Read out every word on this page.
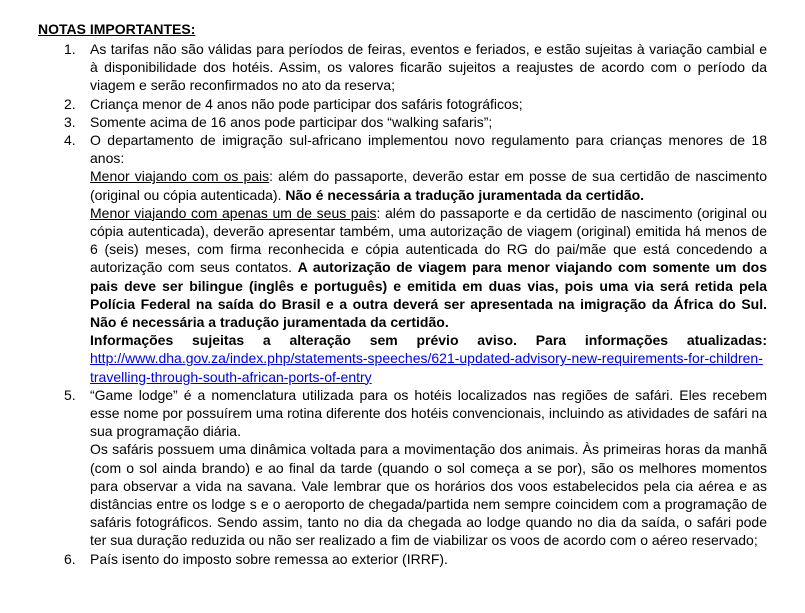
NOTAS IMPORTANTES:
1. As tarifas não são válidas para períodos de feiras, eventos e feriados, e estão sujeitas à variação cambial e à disponibilidade dos hotéis. Assim, os valores ficarão sujeitos a reajustes de acordo com o período da viagem e serão reconfirmados no ato da reserva;
2. Criança menor de 4 anos não pode participar dos safáris fotográficos;
3. Somente acima de 16 anos pode participar dos “walking safaris”;
4. O departamento de imigração sul-africano implementou novo regulamento para crianças menores de 18 anos:

Menor viajando com os pais: além do passaporte, deverão estar em posse de sua certidão de nascimento (original ou cópia autenticada). Não é necessária a tradução juramentada da certidão.

Menor viajando com apenas um de seus pais: além do passaporte e da certidão de nascimento (original ou cópia autenticada), deverão apresentar também, uma autorização de viagem (original) emitida há menos de 6 (seis) meses, com firma reconhecida e cópia autenticada do RG do pai/mãe que está concedendo a autorização com seus contatos. A autorização de viagem para menor viajando com somente um dos pais deve ser bilingue (inglês e português) e emitida em duas vias, pois uma via será retida pela Polícia Federal na saída do Brasil e a outra deverá ser apresentada na imigração da África do Sul. Não é necessária a tradução juramentada da certidão.

Informações sujeitas a alteração sem prévio aviso. Para informações atualizadas: http://www.dha.gov.za/index.php/statements-speeches/621-updated-advisory-new-requirements-for-children-travelling-through-south-african-ports-of-entry

5. “Game lodge” é a nomenclatura utilizada para os hotéis localizados nas regiões de safári. Eles recebem esse nome por possuírem uma rotina diferente dos hotéis convencionais, incluindo as atividades de safári na sua programação diária.

Os safáris possuem uma dinâmica voltada para a movimentação dos animais. Às primeiras horas da manhã (com o sol ainda brando) e ao final da tarde (quando o sol começa a se por), são os melhores momentos para observar a vida na savana. Vale lembrar que os horários dos voos estabelecidos pela cia aérea e as distâncias entre os lodge s e o aeroporto de chegada/partida nem sempre coincidem com a programação de safáris fotográficos. Sendo assim, tanto no dia da chegada ao lodge quando no dia da saída, o safári pode ter sua duração reduzida ou não ser realizado a fim de viabilizar os voos de acordo com o aéreo reservado;

6. País isento do imposto sobre remessa ao exterior (IRRF).
